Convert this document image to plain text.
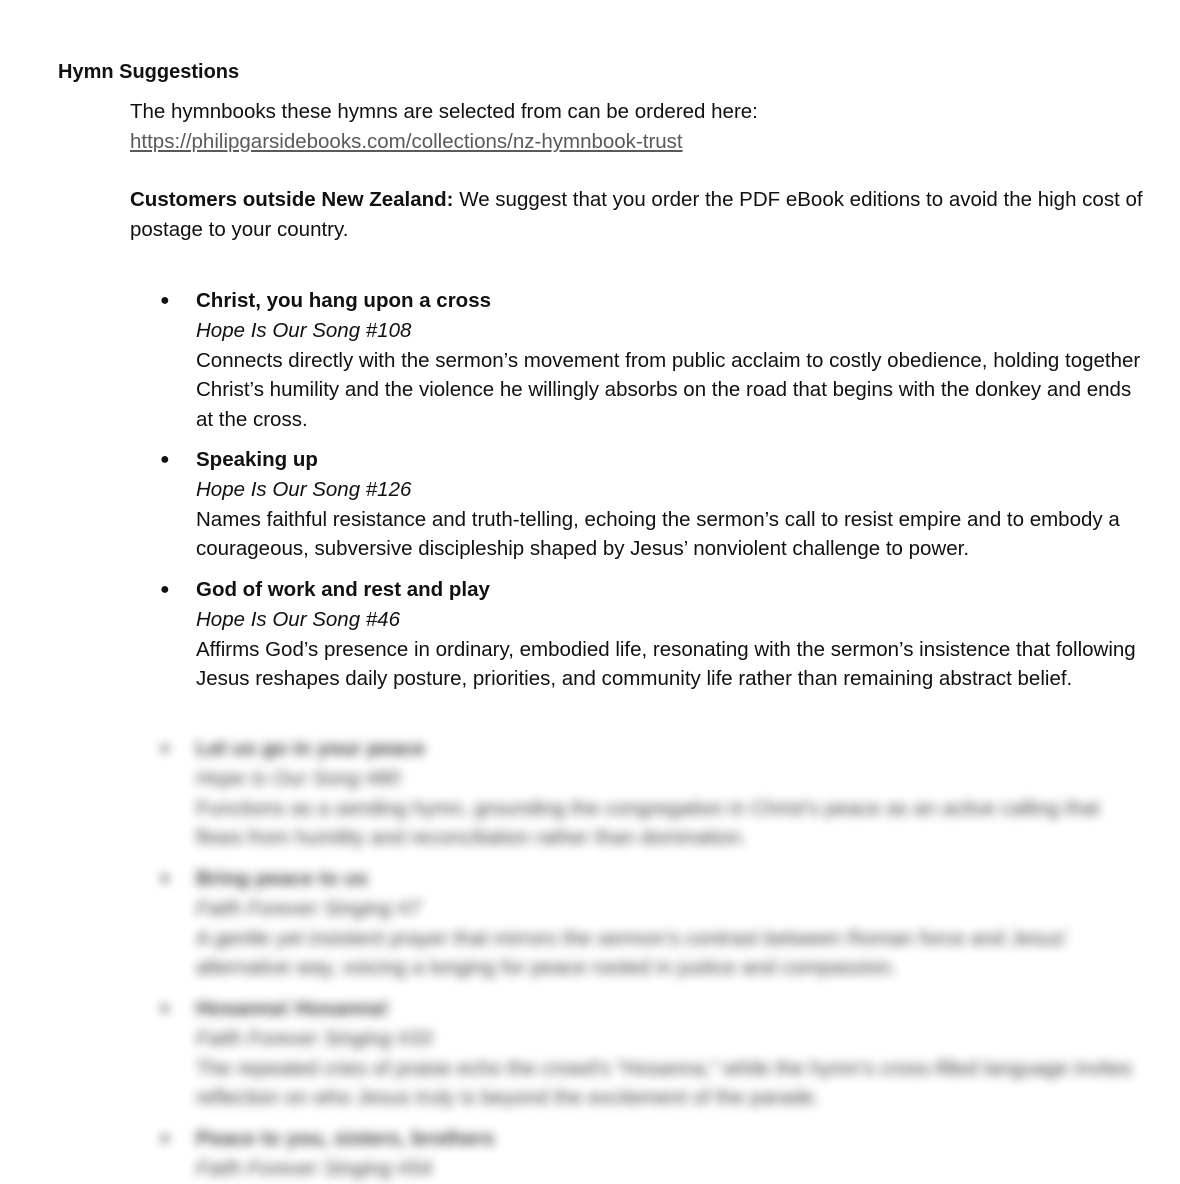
Hymn Suggestions

The hymnbooks these hymns are selected from can be ordered here:
https://philipgarsidebooks.com/collections/nz-hymnbook-trust

Customers outside New Zealand: We suggest that you order the PDF eBook editions to avoid the high cost of postage to your country.

● Christ, you hang upon a cross
Hope Is Our Song #108
Connects directly with the sermon’s movement from public acclaim to costly obedience, holding together Christ’s humility and the violence he willingly absorbs on the road that begins with the donkey and ends at the cross.
● Speaking up
Hope Is Our Song #126
Names faithful resistance and truth-telling, echoing the sermon’s call to resist empire and to embody a courageous, subversive discipleship shaped by Jesus’ nonviolent challenge to power.
● God of work and rest and play
Hope Is Our Song #46
Affirms God’s presence in ordinary, embodied life, resonating with the sermon’s insistence that following Jesus reshapes daily posture, priorities, and community life rather than remaining abstract belief.
● Let us go in your peace
Hope Is Our Song #80
Functions as a sending hymn, grounding the congregation in Christ’s peace as an active calling that flows from humility and reconciliation rather than domination.
● Bring peace to us
Faith Forever Singing #7
A gentle yet insistent prayer that mirrors the sermon’s contrast between Roman force and Jesus’ alternative way, voicing a longing for peace rooted in justice and compassion.
● Hosanna! Hosanna!
Faith Forever Singing #33
The repeated cries of praise echo the crowd’s “Hosanna,” while the hymn’s cross-filled language invites reflection on who Jesus truly is beyond the excitement of the parade.
● Peace to you, sisters, brothers
Faith Forever Singing #54
